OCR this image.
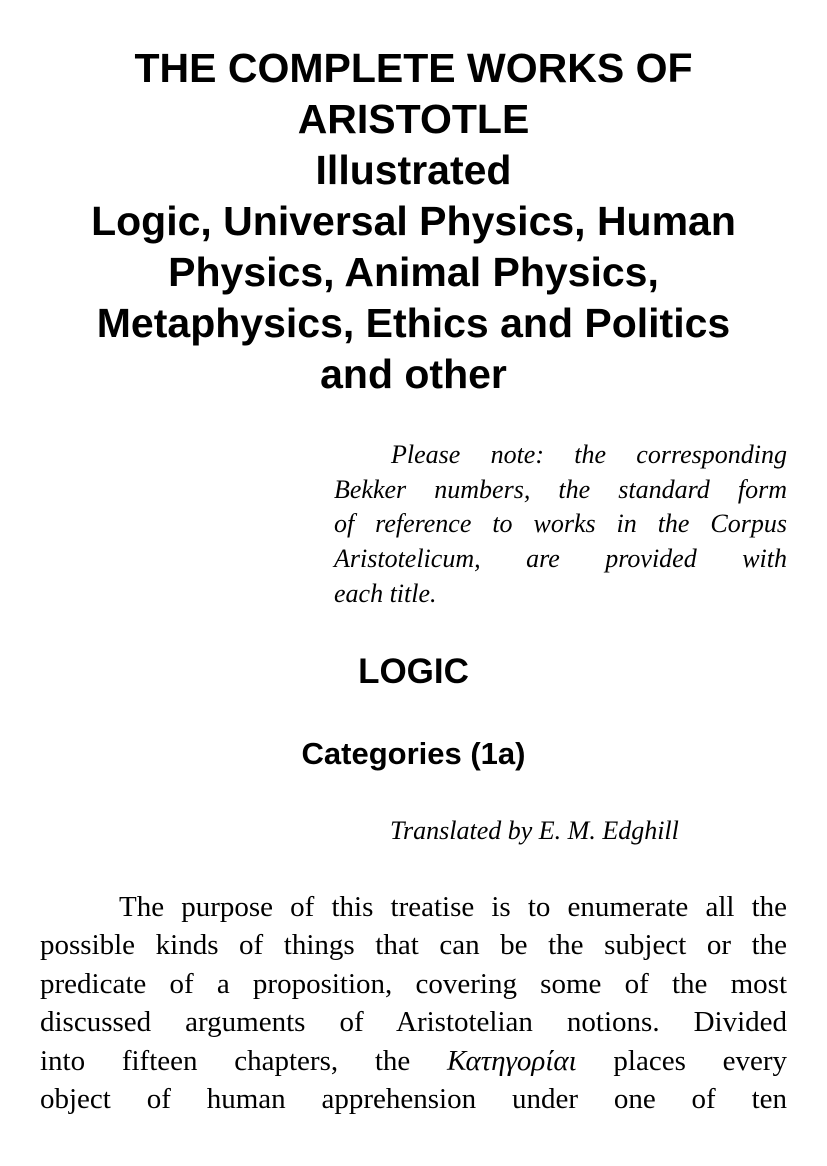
THE COMPLETE WORKS OF
ARISTOTLE
Illustrated
Logic, Universal Physics, Human
Physics, Animal Physics,
Metaphysics, Ethics and Politics
and other
Please note: the corresponding
Bekker numbers, the standard form
of reference to works in the Corpus
Aristotelicum, are provided with
each title.
LOGIC
Categories (1a)
Translated by E. M. Edghill
The purpose of this treatise is to enumerate all the
possible kinds of things that can be the subject or the
predicate of a proposition, covering some of the most
discussed arguments of Aristotelian notions. Divided
into fifteen chapters, the Κατηγορίαι places every
object of human apprehension under one of ten
